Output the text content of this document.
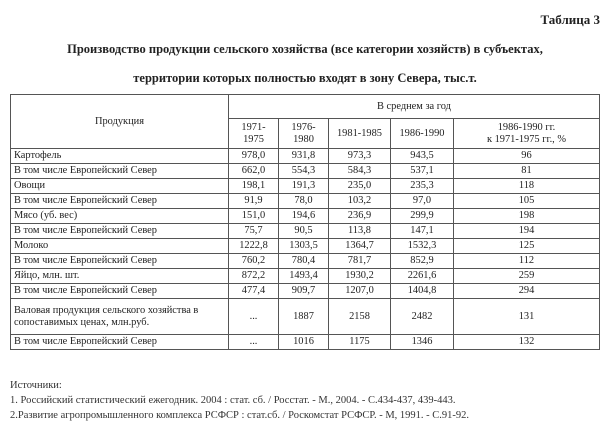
Таблица 3
Производство продукции сельского хозяйства (все категории хозяйств) в субъектах,
территории которых полностью входят в зону Севера, тыс.т.
Продукция	В среднем за год				
	1971-1975	1976-1980	1981-1985	1986-1990	1986-1990 гг.
к 1971-1975 гг., %
Картофель	978,0	931,8	973,3	943,5	96
В том числе Европейский Север	662,0	554,3	584,3	537,1	81
Овощи	198,1	191,3	235,0	235,3	118
В том числе Европейский Север	91,9	78,0	103,2	97,0	105
Мясо (уб. вес)	151,0	194,6	236,9	299,9	198
В том числе Европейский Север	75,7	90,5	113,8	147,1	194
Молоко	1222,8	1303,5	1364,7	1532,3	125
В том числе Европейский Север	760,2	780,4	781,7	852,9	112
Яйцо, млн. шт.	872,2	1493,4	1930,2	2261,6	259
В том числе Европейский Север	477,4	909,7	1207,0	1404,8	294
Валовая продукция сельского хозяйства в сопоставимых ценах, млн.руб.	...	1887	2158	2482	131
В том числе Европейский Север	...	1016	1175	1346	132
Источники:
1. Российский статистический ежегодник. 2004 : стат. сб. / Росстат. - М., 2004. - С.434-437, 439-443.
2.Развитие агропромышленного комплекса РСФСР : стат.сб. / Роскомстат РСФСР. - М, 1991. - С.91-92.
